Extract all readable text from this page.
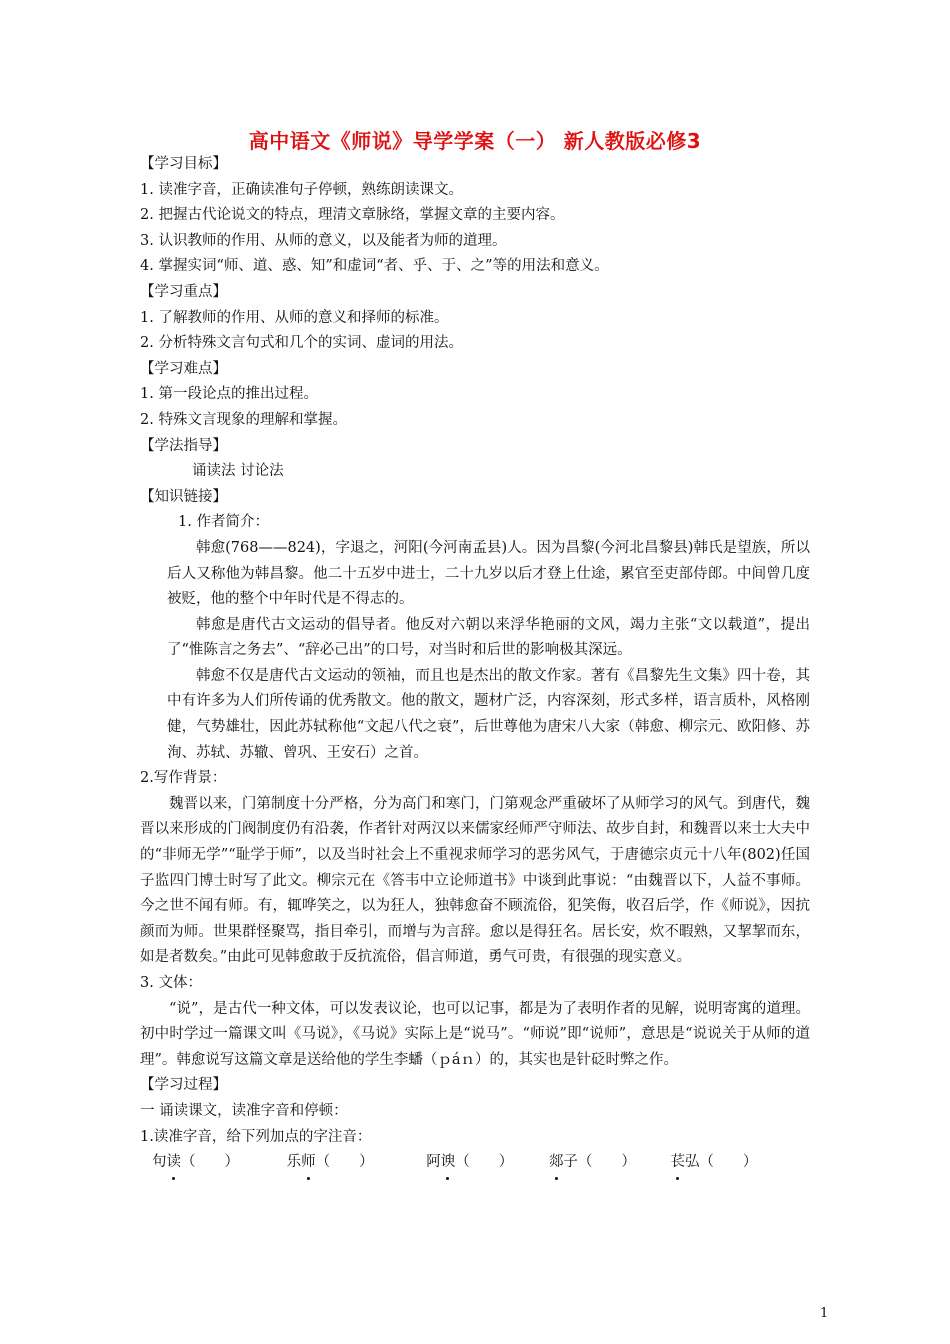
高中语文《师说》导学学案（一） 新人教版必修3
【学习目标】
1. 读准字音，正确读准句子停顿，熟练朗读课文。
2. 把握古代论说文的特点，理清文章脉络，掌握文章的主要内容。
3. 认识教师的作用、从师的意义，以及能者为师的道理。
4. 掌握实词“师、道、惑、知”和虚词“者、乎、于、之”等的用法和意义。
【学习重点】
1. 了解教师的作用、从师的意义和择师的标准。
2. 分析特殊文言句式和几个的实词、虚词的用法。
【学习难点】
1. 第一段论点的推出过程。
2. 特殊文言现象的理解和掌握。
【学法指导】
诵读法 讨论法
【知识链接】
1. 作者简介：

韩愈(768——824)，字退之，河阳(今河南孟县)人。因为昌黎(今河北昌黎县)韩氏是望族，所以后人又称他为韩昌黎。他二十五岁中进士，二十九岁以后才登上仕途，累官至吏部侍郎。中间曾几度被贬，他的整个中年时代是不得志的。

韩愈是唐代古文运动的倡导者。他反对六朝以来浮华艳丽的文风，竭力主张“文以载道”，提出了“惟陈言之务去”、“辞必己出”的口号，对当时和后世的影响极其深远。

韩愈不仅是唐代古文运动的领袖，而且也是杰出的散文作家。著有《昌黎先生文集》四十卷，其中有许多为人们所传诵的优秀散文。他的散文，题材广泛，内容深刻，形式多样，语言质朴，风格刚健，气势雄壮，因此苏轼称他“文起八代之衰”，后世尊他为唐宋八大家（韩愈、柳宗元、欧阳修、苏洵、苏轼、苏辙、曾巩、王安石）之首。

2.写作背景：

魏晋以来，门第制度十分严格，分为高门和寒门，门第观念严重破坏了从师学习的风气。到唐代，魏晋以来形成的门阀制度仍有沿袭，作者针对两汉以来儒家经师严守师法、故步自封，和魏晋以来士大夫中的“非师无学”“耻学于师”，以及当时社会上不重视求师学习的恶劣风气，于唐德宗贞元十八年(802)任国子监四门博士时写了此文。柳宗元在《答韦中立论师道书》中谈到此事说：“由魏晋以下，人益不事师。今之世不闻有师。有，辄哗笑之，以为狂人，独韩愈奋不顾流俗，犯笑侮，收召后学，作《师说》，因抗颜而为师。世果群怪聚骂，指目牵引，而增与为言辞。愈以是得狂名。居长安，炊不暇熟，又挈挈而东，如是者数矣。”由此可见韩愈敢于反抗流俗，倡言师道，勇气可贵，有很强的现实意义。

3. 文体：

“说”，是古代一种文体，可以发表议论，也可以记事，都是为了表明作者的见解，说明寄寓的道理。初中时学过一篇课文叫《马说》，《马说》实际上是“说马”。“师说”即“说师”，意思是“说说关于从师的道理”。韩愈说写这篇文章是送给他的学生李蟠（ｐáｎ）的，其实也是针砭时弊之作。

【学习过程】
一 诵读课文，读准字音和停顿：
1.读准字音，给下列加点的字注音：
句读（　　）	乐师（　　）	阿谀（　　） 郯子（　　） 苌弘（　　）
1
